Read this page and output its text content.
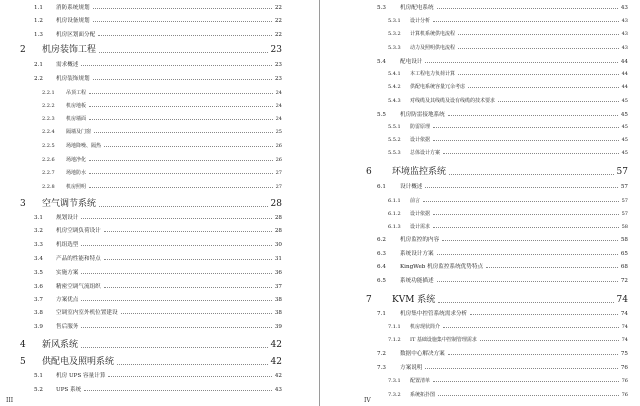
III
1.1	消防系统规划	22
1.2	机房设备规划	22
1.3	机房区划面分配	22
2	机房装饰工程	23
2.1	需求概述	23
2.2	机房装饰规划	23
2.2.1	吊顶工程	24
2.2.2	机房地板	24
2.2.3	机房墙面	24
2.2.4	隔墙及门窗	25
2.2.5	场地降噪、隔热	26
2.2.6	场地净化	26
2.2.7	场地防水	27
2.2.8	机房照明	27
3	空气调节系统	28
3.1	规划设计	28
3.2	机房空调负荷设计	28
3.3	机组选型	30
3.4	产品的性能和特点	31
3.5	实施方案	36
3.6	精密空调气流组织	37
3.7	方案优点	38
3.8	空调室内室外机位置建设	38
3.9	售后服务	39
4	新风系统	42
5	供配电及照明系统	42
5.1	机房 UPS 容量计算	42
5.2	UPS 系统	43
IV
5.3	机房配电系统	43
5.3.1	设计分析	43
5.3.2	计算机系统供电流程	43
5.3.3	动力及照明供电流程	43
5.4	配电设计	44
5.4.1	本工程电力负荷计算	44
5.4.2	供配电系统容量冗余考虑	44
5.4.3	对线缆及其线缆及设有线缆的技术要求	45
5.5	机房防雷接地系统	45
5.5.1	防雷原理	45
5.5.2	设计依据	45
5.5.3	总体设计方案	45
6	环境监控系统	57
6.1	设计概述	57
6.1.1	前言	57
6.1.2	设计依据	57
6.1.3	设计需求	58
6.2	机房监控的内容	58
6.3	系统设计方案	65
6.4	KingWeb 机房监控系统优势特点	68
6.5	系统功能描述	72
7	KVM 系统	74
7.1	机房集中控管系统需求分析	74
7.1.1	机房现状简介	74
7.1.2	IT 基础设施集中控制管理需求	74
7.2	数据中心解决方案	75
7.3	方案说明	76
7.3.1	配置清单	76
7.3.2	系统拓扑图	76
